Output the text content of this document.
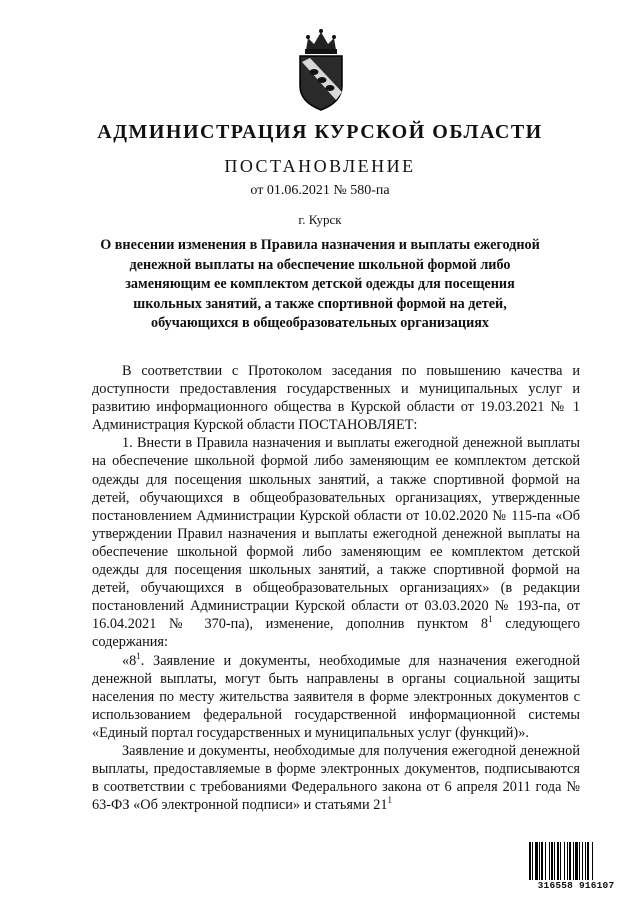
АДМИНИСТРАЦИЯ КУРСКОЙ ОБЛАСТИ
ПОСТАНОВЛЕНИЕ
от 01.06.2021 № 580-па
г. Курск
О внесении изменения в Правила назначения и выплаты ежегодной денежной выплаты на обеспечение школьной формой либо заменяющим ее комплектом детской одежды для посещения школьных занятий, а также спортивной формой на детей, обучающихся в общеобразовательных организациях

В соответствии с Протоколом заседания по повышению качества и доступности предоставления государственных и муниципальных услуг и развитию информационного общества в Курской области от 19.03.2021 № 1 Администрация Курской области ПОСТАНОВЛЯЕТ:

1. Внести в Правила назначения и выплаты ежегодной денежной выплаты на обеспечение школьной формой либо заменяющим ее комплектом детской одежды для посещения школьных занятий, а также спортивной формой на детей, обучающихся в общеобразовательных организациях, утвержденные постановлением Администрации Курской области от 10.02.2020 № 115-па «Об утверждении Правил назначения и выплаты ежегодной денежной выплаты на обеспечение школьной формой либо заменяющим ее комплектом детской одежды для посещения школьных занятий, а также спортивной формой на детей, обучающихся в общеобразовательных организациях» (в редакции постановлений Администрации Курской области от 03.03.2020 № 193-па, от 16.04.2021 № 370-па), изменение, дополнив пунктом $8^1$ следующего содержания:

«$8^1$. Заявление и документы, необходимые для назначения ежегодной денежной выплаты, могут быть направлены в органы социальной защиты населения по месту жительства заявителя в форме электронных документов с использованием федеральной государственной информационной системы «Единый портал государственных и муниципальных услуг (функций)».

Заявление и документы, необходимые для получения ежегодной денежной выплаты, предоставляемые в форме электронных документов, подписываются в соответствии с требованиями Федерального закона от 6 апреля 2011 года № 63-ФЗ «Об электронной подписи» и статьями $21^1$

316558 916107
